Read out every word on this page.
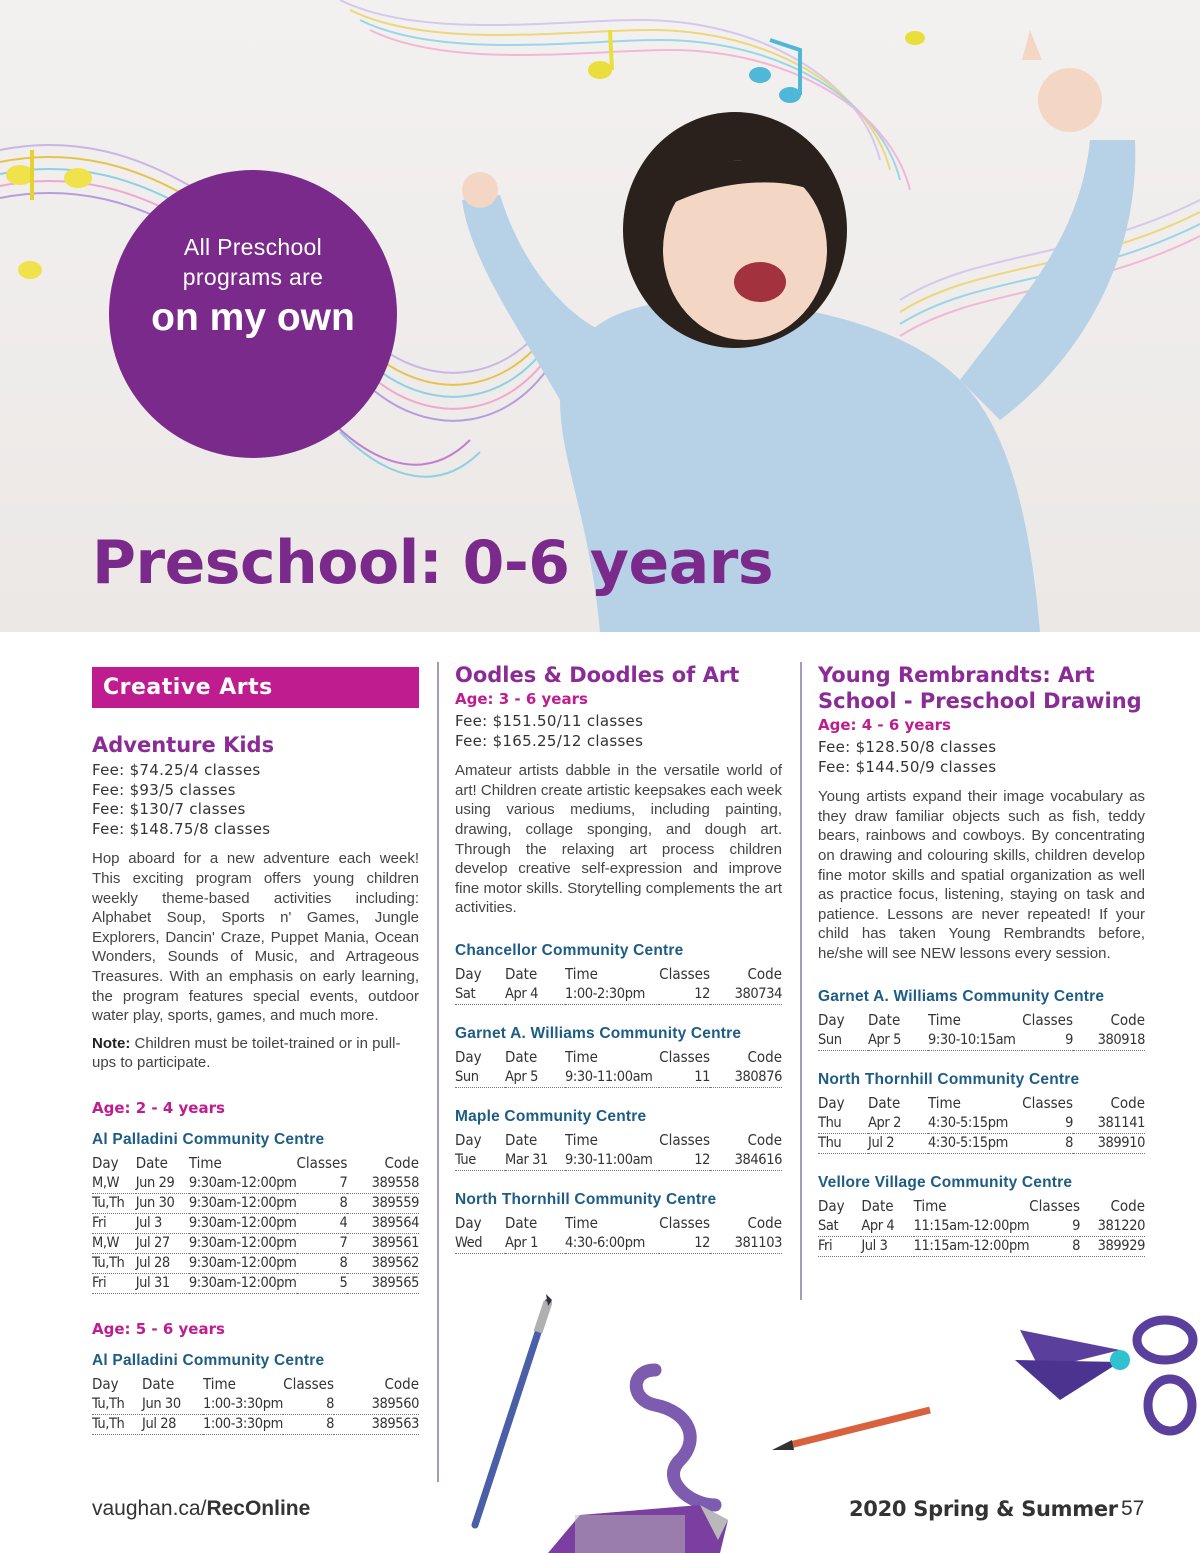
All Preschool
programs are
on my own
Preschool: 0-6 years
Creative Arts
Adventure Kids
Fee: $74.25/4 classes
Fee: $93/5 classes
Fee: $130/7 classes
Fee: $148.75/8 classes
Hop aboard for a new adventure each week! This exciting program offers young children weekly theme-based activities including: Alphabet Soup, Sports n' Games, Jungle Explorers, Dancin' Craze, Puppet Mania, Ocean Wonders, Sounds of Music, and Artrageous Treasures. With an emphasis on early learning, the program features special events, outdoor water play, sports, games, and much more.
Note: Children must be toilet-trained or in pull-ups to participate.
Age: 2 - 4 years
Al Palladini Community Centre
Day	Date	Time	Classes	Code
M,W	Jun 29	9:30am-12:00pm	7	389558
Tu,Th	Jun 30	9:30am-12:00pm	8	389559
Fri	Jul 3	9:30am-12:00pm	4	389564
M,W	Jul 27	9:30am-12:00pm	7	389561
Tu,Th	Jul 28	9:30am-12:00pm	8	389562
Fri	Jul 31	9:30am-12:00pm	5	389565
Age: 5 - 6 years
Al Palladini Community Centre
Day	Date	Time	Classes	Code
Tu,Th	Jun 30	1:00-3:30pm	8	389560
Tu,Th	Jul 28	1:00-3:30pm	8	389563
Oodles & Doodles of Art
Age: 3 - 6 years
Fee: $151.50/11 classes
Fee: $165.25/12 classes
Amateur artists dabble in the versatile world of art! Children create artistic keepsakes each week using various mediums, including painting, drawing, collage sponging, and dough art. Through the relaxing art process children develop creative self-expression and improve fine motor skills. Storytelling complements the art activities.
Chancellor Community Centre
Day	Date	Time	Classes	Code
Sat	Apr 4	1:00-2:30pm	12	380734
Garnet A. Williams Community Centre
Day	Date	Time	Classes	Code
Sun	Apr 5	9:30-11:00am	11	380876
Maple Community Centre
Day	Date	Time	Classes	Code
Tue	Mar 31	9:30-11:00am	12	384616
North Thornhill Community Centre
Day	Date	Time	Classes	Code
Wed	Apr 1	4:30-6:00pm	12	381103
Young Rembrandts: Art School - Preschool Drawing
Age: 4 - 6 years
Fee: $128.50/8 classes
Fee: $144.50/9 classes
Young artists expand their image vocabulary as they draw familiar objects such as fish, teddy bears, rainbows and cowboys. By concentrating on drawing and colouring skills, children develop fine motor skills and spatial organization as well as practice focus, listening, staying on task and patience. Lessons are never repeated! If your child has taken Young Rembrandts before, he/she will see NEW lessons every session.
Garnet A. Williams Community Centre
Day	Date	Time	Classes	Code
Sun	Apr 5	9:30-10:15am	9	380918
North Thornhill Community Centre
Day	Date	Time	Classes	Code
Thu	Apr 2	4:30-5:15pm	9	381141
Thu	Jul 2	4:30-5:15pm	8	389910
Vellore Village Community Centre
Day	Date	Time	Classes	Code
Sat	Apr 4	11:15am-12:00pm	9	381220
Fri	Jul 3	11:15am-12:00pm	8	389929
vaughan.ca/RecOnline	2020 Spring & Summer 57
